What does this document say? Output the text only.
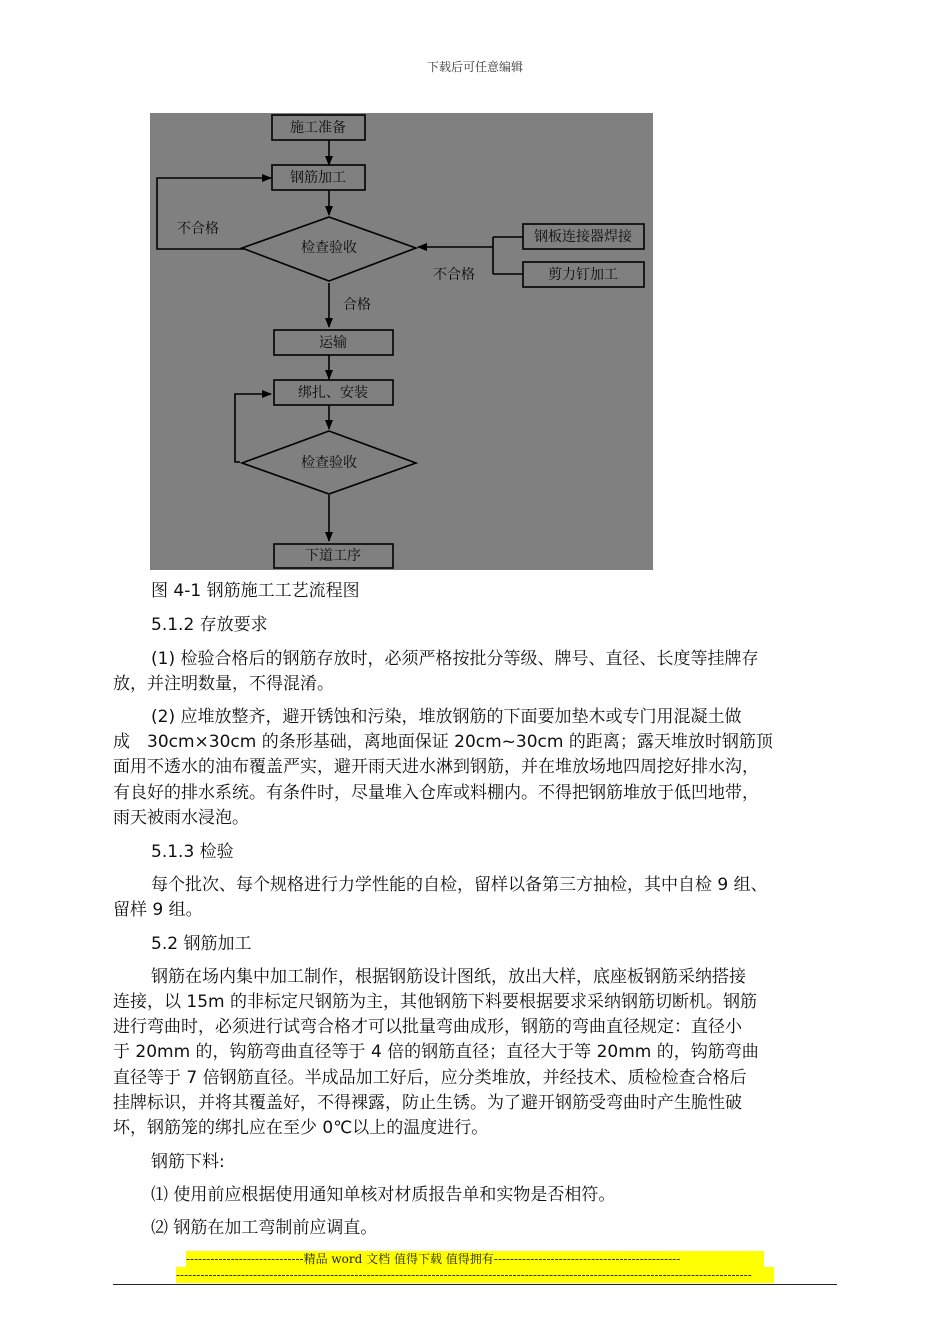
下载后可任意编辑
施工准备
钢筋加工
检查验收
钢板连接器焊接
剪力钉加工
运输
绑扎、安装
检查验收
下道工序
不合格
不合格
合格
图 4-1 钢筋施工工艺流程图
5.1.2 存放要求
(1) 检验合格后的钢筋存放时，必须严格按批分等级、牌号、直径、长度等挂牌存
放，并注明数量，不得混淆。
(2) 应堆放整齐，避开锈蚀和污染，堆放钢筋的下面要加垫木或专门用混凝土做
成　30cm×30cm 的条形基础，离地面保证 20cm~30cm 的距离；露天堆放时钢筋顶
面用不透水的油布覆盖严实，避开雨天进水淋到钢筋，并在堆放场地四周挖好排水沟，
有良好的排水系统。有条件时，尽量堆入仓库或料棚内。不得把钢筋堆放于低凹地带，
雨天被雨水浸泡。
5.1.3 检验
每个批次、每个规格进行力学性能的自检，留样以备第三方抽检，其中自检 9 组、
留样 9 组。
5.2 钢筋加工
钢筋在场内集中加工制作，根据钢筋设计图纸，放出大样，底座板钢筋采纳搭接
连接，以 15m 的非标定尺钢筋为主，其他钢筋下料要根据要求采纳钢筋切断机。钢筋
进行弯曲时，必须进行试弯合格才可以批量弯曲成形，钢筋的弯曲直径规定：直径小
于 20mm 的，钩筋弯曲直径等于 4 倍的钢筋直径；直径大于等 20mm 的，钩筋弯曲
直径等于 7 倍钢筋直径。半成品加工好后，应分类堆放，并经技术、质检检查合格后
挂牌标识，并将其覆盖好，不得裸露，防止生锈。为了避开钢筋受弯曲时产生脆性破
坏，钢筋笼的绑扎应在至少 0℃以上的温度进行。
钢筋下料:
⑴ 使用前应根据使用通知单核对材质报告单和实物是否相符。
⑵ 钢筋在加工弯制前应调直。
-----------------------------精品 word 文档 值得下载 值得拥有----------------------------------------------
----------------------------------------------------------------------------------------------------------------------------------------------
